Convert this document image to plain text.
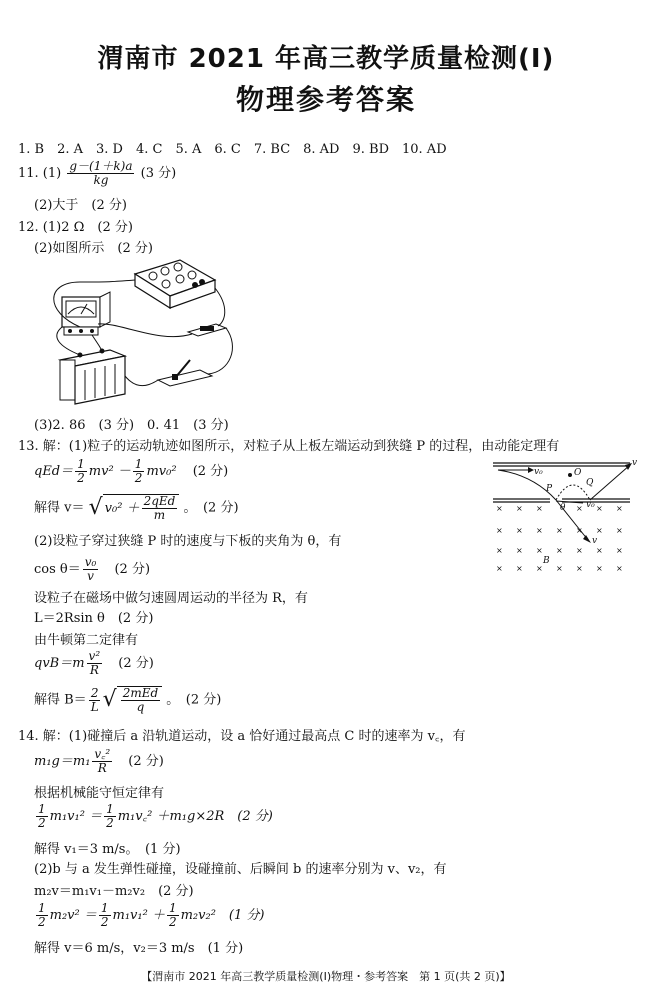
渭南市 2021 年高三教学质量检测(Ⅰ)
物理参考答案
1. B　2. A　3. D　4. C　5. A　6. C　7. BC　8. AD　9. BD　10. AD
11. $(1) \frac{g-(1+k)a}{kg} (3$ 分)
(2)大于　(2 分)
12. (1)2 Ω　(2 分)
(2)如图所示　(2 分)
(3)2. 86　(3 分)　0. 41　(3 分)
13. 解：(1)粒子的运动轨迹如图所示，对粒子从上板左端运动到狭缝 P 的过程，由动能定理有
$qEd= \frac{1}{2} mv^2 - \frac{1}{2} mv_0^2$ (2 分)
解得 v＝ √ $v_0^2 + \frac{\text{2qEd}}{m}$ 。　(2 分)
(2)设粒子穿过狭缝 P 时的速度与下板的夹角为 θ，有
$\cos \theta= \frac{\text{v₀}}{v} (2$ 分)
设粒子在磁场中做匀速圆周运动的半径为 R，有
L＝2Rsin θ　(2 分)
由牛顿第二定律有
$qvB=m \frac{\text{v²}}{R} (2$ 分)
解得 $B= \frac{2}{L}$ √ $\frac{\text{2mEd}}{q}$ 。　(2 分)
× × ×	× × ×
× × × × × × ×
× × × × × × ×
× × × × × × ×
v
v₀	O
P
Q
θ v₀
v
B
14. 解：(1)碰撞后 a 沿轨道运动，设 a 恰好通过最高点 C 时的速率为 v꜀，有
$m_1g=m_1 \frac{\text{v꜀²}}{R} (2$ 分)
根据机械能守恒定律有
$\frac{1}{2} m_1v_1^2 = \frac{1}{2}$ m₁v꜀² ＋m₁g×2R　(2 分)
解得 v₁＝3 m/s。　(1 分)
(2)b 与 a 发生弹性碰撞，设碰撞前、后瞬间 b 的速率分别为 v、v₂，有
m₂v＝m₁v₁－m₂v₂　(2 分)
$\frac{1}{2} m_2v^2 = \frac{1}{2} m_1v_1^2 + \frac{1}{2} m_2v_2^2$　(1 分)
解得 v＝6 m/s，v₂＝3 m/s　(1 分)
【渭南市 2021 年高三教学质量检测(Ⅰ)物理・参考答案　第 1 页(共 2 页)】
